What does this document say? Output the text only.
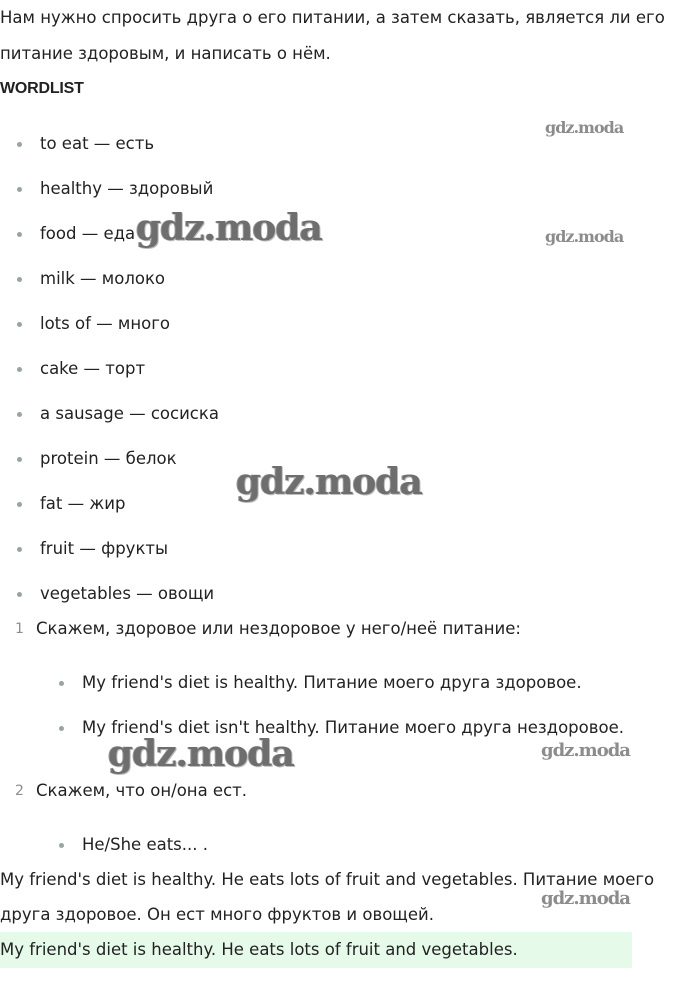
Нам нужно спросить друга о его питании, а затем сказать, является ли его
питание здоровым, и написать о нём.
WORDLIST
to eat — есть
healthy — здоровый
food — еда
milk — молоко
lots of — много
cake — торт
a sausage — сосиска
protein — белок
fat — жир
fruit — фрукты
vegetables — овощи
1 Скажем, здоровое или нездоровое у него/неё питание:
My friend's diet is healthy. Питание моего друга здоровое.
My friend's diet isn't healthy. Питание моего друга нездоровое.
2 Скажем, что он/она ест.
He/She eats... .
My friend's diet is healthy. He eats lots of fruit and vegetables. Питание моего
друга здоровое. Он ест много фруктов и овощей.
My friend's diet is healthy. He eats lots of fruit and vegetables.
gdz.moda
gdz.moda
gdz.moda
gdz.moda
gdz.moda	gdz.moda
gdz.moda
